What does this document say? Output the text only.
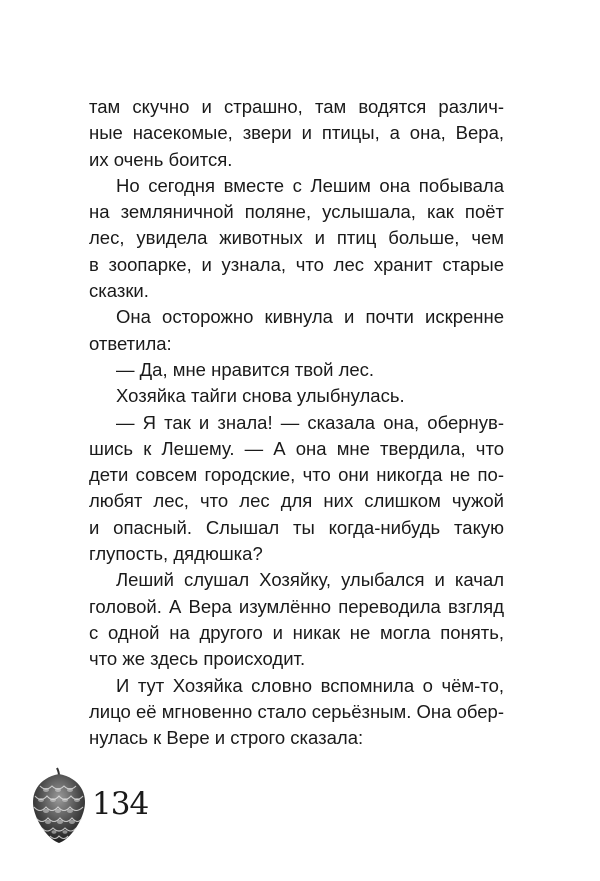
там скучно и страшно, там водятся различ-
ные насекомые, звери и птицы, а она, Вера,
их очень боится.
Но сегодня вместе с Лешим она побывала
на земляничной поляне, услышала, как поёт
лес, увидела животных и птиц больше, чем
в зоопарке, и узнала, что лес хранит старые
сказки.
Она осторожно кивнула и почти искренне
ответила:
— Да, мне нравится твой лес.
Хозяйка тайги снова улыбнулась.
— Я так и знала! — сказала она, обернув-
шись к Лешему. — А она мне твердила, что
дети совсем городские, что они никогда не по-
любят лес, что лес для них слишком чужой
и опасный. Слышал ты когда-нибудь такую
глупость, дядюшка?
Леший слушал Хозяйку, улыбался и качал
головой. А Вера изумлённо переводила взгляд
с одной на другого и никак не могла понять,
что же здесь происходит.
И тут Хозяйка словно вспомнила о чём-то,
лицо её мгновенно стало серьёзным. Она обер-
нулась к Вере и строго сказала:
134
